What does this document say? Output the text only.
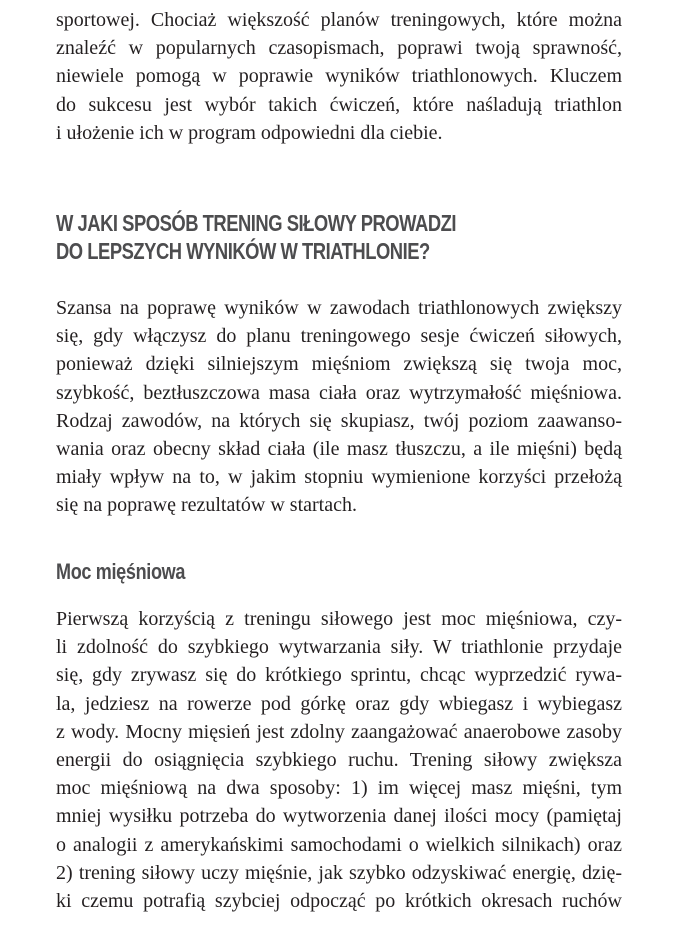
sportowej. Chociaż większość planów treningowych, które można
znaleźć w popularnych czasopismach, poprawi twoją sprawność,
niewiele pomogą w poprawie wyników triathlonowych. Kluczem
do sukcesu jest wybór takich ćwiczeń, które naśladują triathlon
i ułożenie ich w program odpowiedni dla ciebie.
W JAKI SPOSÓB TRENING SIŁOWY PROWADZI
DO LEPSZYCH WYNIKÓW W TRIATHLONIE?
Szansa na poprawę wyników w zawodach triathlonowych zwiększy
się, gdy włączysz do planu treningowego sesje ćwiczeń siłowych,
ponieważ dzięki silniejszym mięśniom zwiększą się twoja moc,
szybkość, beztłuszczowa masa ciała oraz wytrzymałość mięśniowa.
Rodzaj zawodów, na których się skupiasz, twój poziom zaawanso-
wania oraz obecny skład ciała (ile masz tłuszczu, a ile mięśni) będą
miały wpływ na to, w jakim stopniu wymienione korzyści przełożą
się na poprawę rezultatów w startach.
Moc mięśniowa
Pierwszą korzyścią z treningu siłowego jest moc mięśniowa, czy-
li zdolność do szybkiego wytwarzania siły. W triathlonie przydaje
się, gdy zrywasz się do krótkiego sprintu, chcąc wyprzedzić rywa-
la, jedziesz na rowerze pod górkę oraz gdy wbiegasz i wybiegasz
z wody. Mocny mięsień jest zdolny zaangażować anaerobowe zasoby
energii do osiągnięcia szybkiego ruchu. Trening siłowy zwiększa
moc mięśniową na dwa sposoby: 1) im więcej masz mięśni, tym
mniej wysiłku potrzeba do wytworzenia danej ilości mocy (pamiętaj
o analogii z amerykańskimi samochodami o wielkich silnikach) oraz
2) trening siłowy uczy mięśnie, jak szybko odzyskiwać energię, dzię-
ki czemu potrafią szybciej odpocząć po krótkich okresach ruchów
